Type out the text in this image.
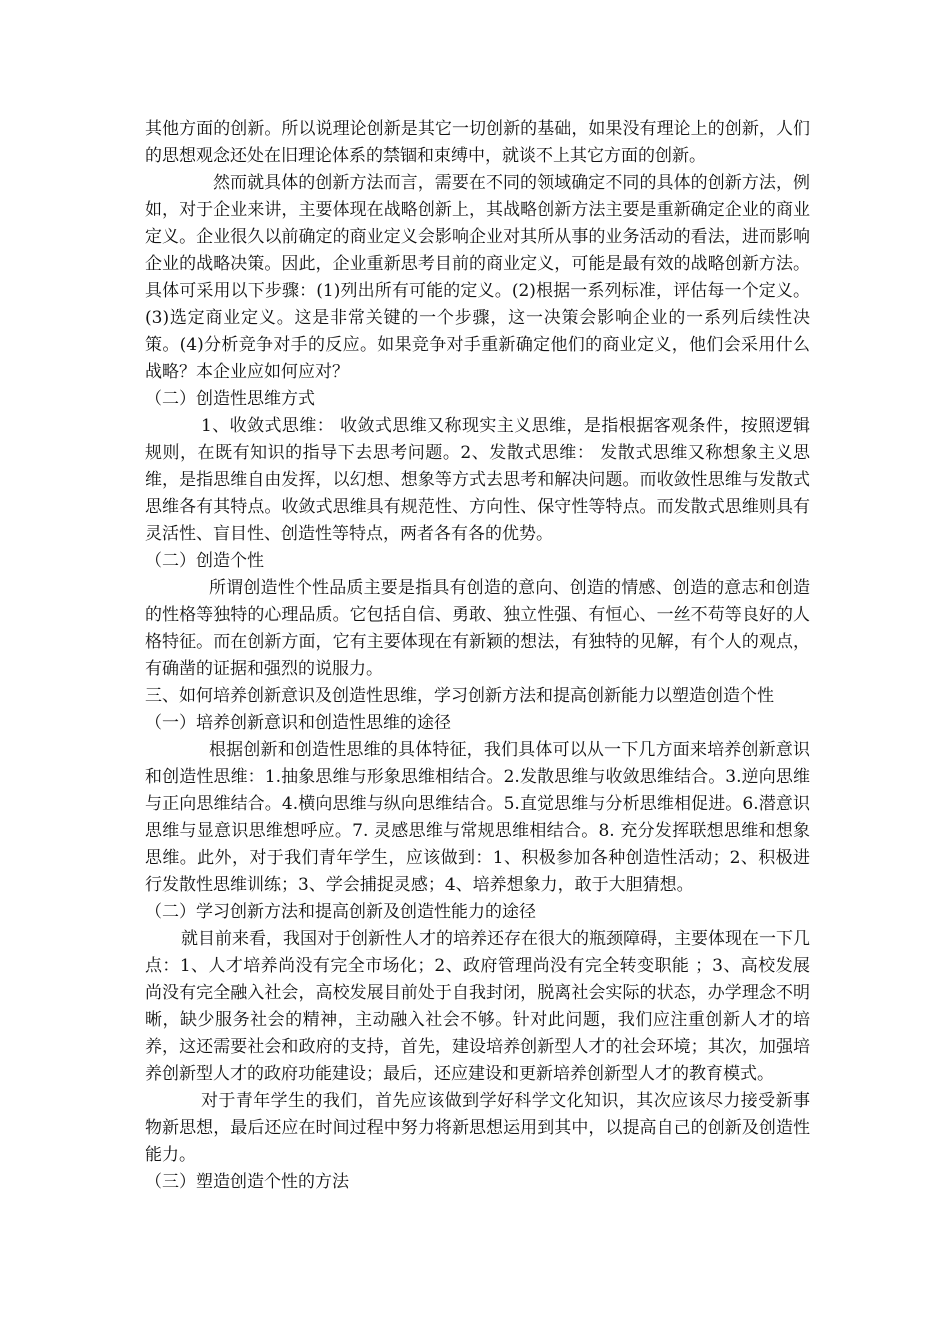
其他方面的创新。所以说理论创新是其它一切创新的基础，如果没有理论上的创新，人们的思想观念还处在旧理论体系的禁锢和束缚中，就谈不上其它方面的创新。

然而就具体的创新方法而言，需要在不同的领域确定不同的具体的创新方法，例如，对于企业来讲，主要体现在战略创新上，其战略创新方法主要是重新确定企业的商业定义。企业很久以前确定的商业定义会影响企业对其所从事的业务活动的看法，进而影响企业的战略决策。因此，企业重新思考目前的商业定义，可能是最有效的战略创新方法。具体可采用以下步骤：(1)列出所有可能的定义。(2)根据一系列标准，评估每一个定义。(3)选定商业定义。这是非常关键的一个步骤，这一决策会影响企业的一系列后续性决策。(4)分析竞争对手的反应。如果竞争对手重新确定他们的商业定义，他们会采用什么战略？本企业应如何应对？

（二）创造性思维方式

1、收敛式思维： 收敛式思维又称现实主义思维，是指根据客观条件，按照逻辑规则，在既有知识的指导下去思考问题。2、发散式思维： 发散式思维又称想象主义思维，是指思维自由发挥，以幻想、想象等方式去思考和解决问题。而收敛性思维与发散式思维各有其特点。收敛式思维具有规范性、方向性、保守性等特点。而发散式思维则具有灵活性、盲目性、创造性等特点，两者各有各的优势。

（二）创造个性

所谓创造性个性品质主要是指具有创造的意向、创造的情感、创造的意志和创造的性格等独特的心理品质。它包括自信、勇敢、独立性强、有恒心、一丝不苟等良好的人格特征。而在创新方面，它有主要体现在有新颖的想法，有独特的见解，有个人的观点，有确凿的证据和强烈的说服力。

三、如何培养创新意识及创造性思维，学习创新方法和提高创新能力以塑造创造个性

（一）培养创新意识和创造性思维的途径

根据创新和创造性思维的具体特征，我们具体可以从一下几方面来培养创新意识和创造性思维：1.抽象思维与形象思维相结合。2.发散思维与收敛思维结合。3.逆向思维与正向思维结合。4.横向思维与纵向思维结合。5.直觉思维与分析思维相促进。6.潜意识思维与显意识思维想呼应。7. 灵感思维与常规思维相结合。8. 充分发挥联想思维和想象思维。此外，对于我们青年学生，应该做到：1、积极参加各种创造性活动；2、积极进行发散性思维训练；3、学会捕捉灵感；4、培养想象力，敢于大胆猜想。

（二）学习创新方法和提高创新及创造性能力的途径

就目前来看，我国对于创新性人才的培养还存在很大的瓶颈障碍，主要体现在一下几点：1、人才培养尚没有完全市场化；2、政府管理尚没有完全转变职能 ；3、高校发展尚没有完全融入社会，高校发展目前处于自我封闭，脱离社会实际的状态，办学理念不明晰，缺少服务社会的精神，主动融入社会不够。针对此问题，我们应注重创新人才的培养，这还需要社会和政府的支持，首先，建设培养创新型人才的社会环境；其次，加强培养创新型人才的政府功能建设；最后，还应建设和更新培养创新型人才的教育模式。

对于青年学生的我们，首先应该做到学好科学文化知识，其次应该尽力接受新事物新思想，最后还应在时间过程中努力将新思想运用到其中，以提高自己的创新及创造性能力。

（三）塑造创造个性的方法
